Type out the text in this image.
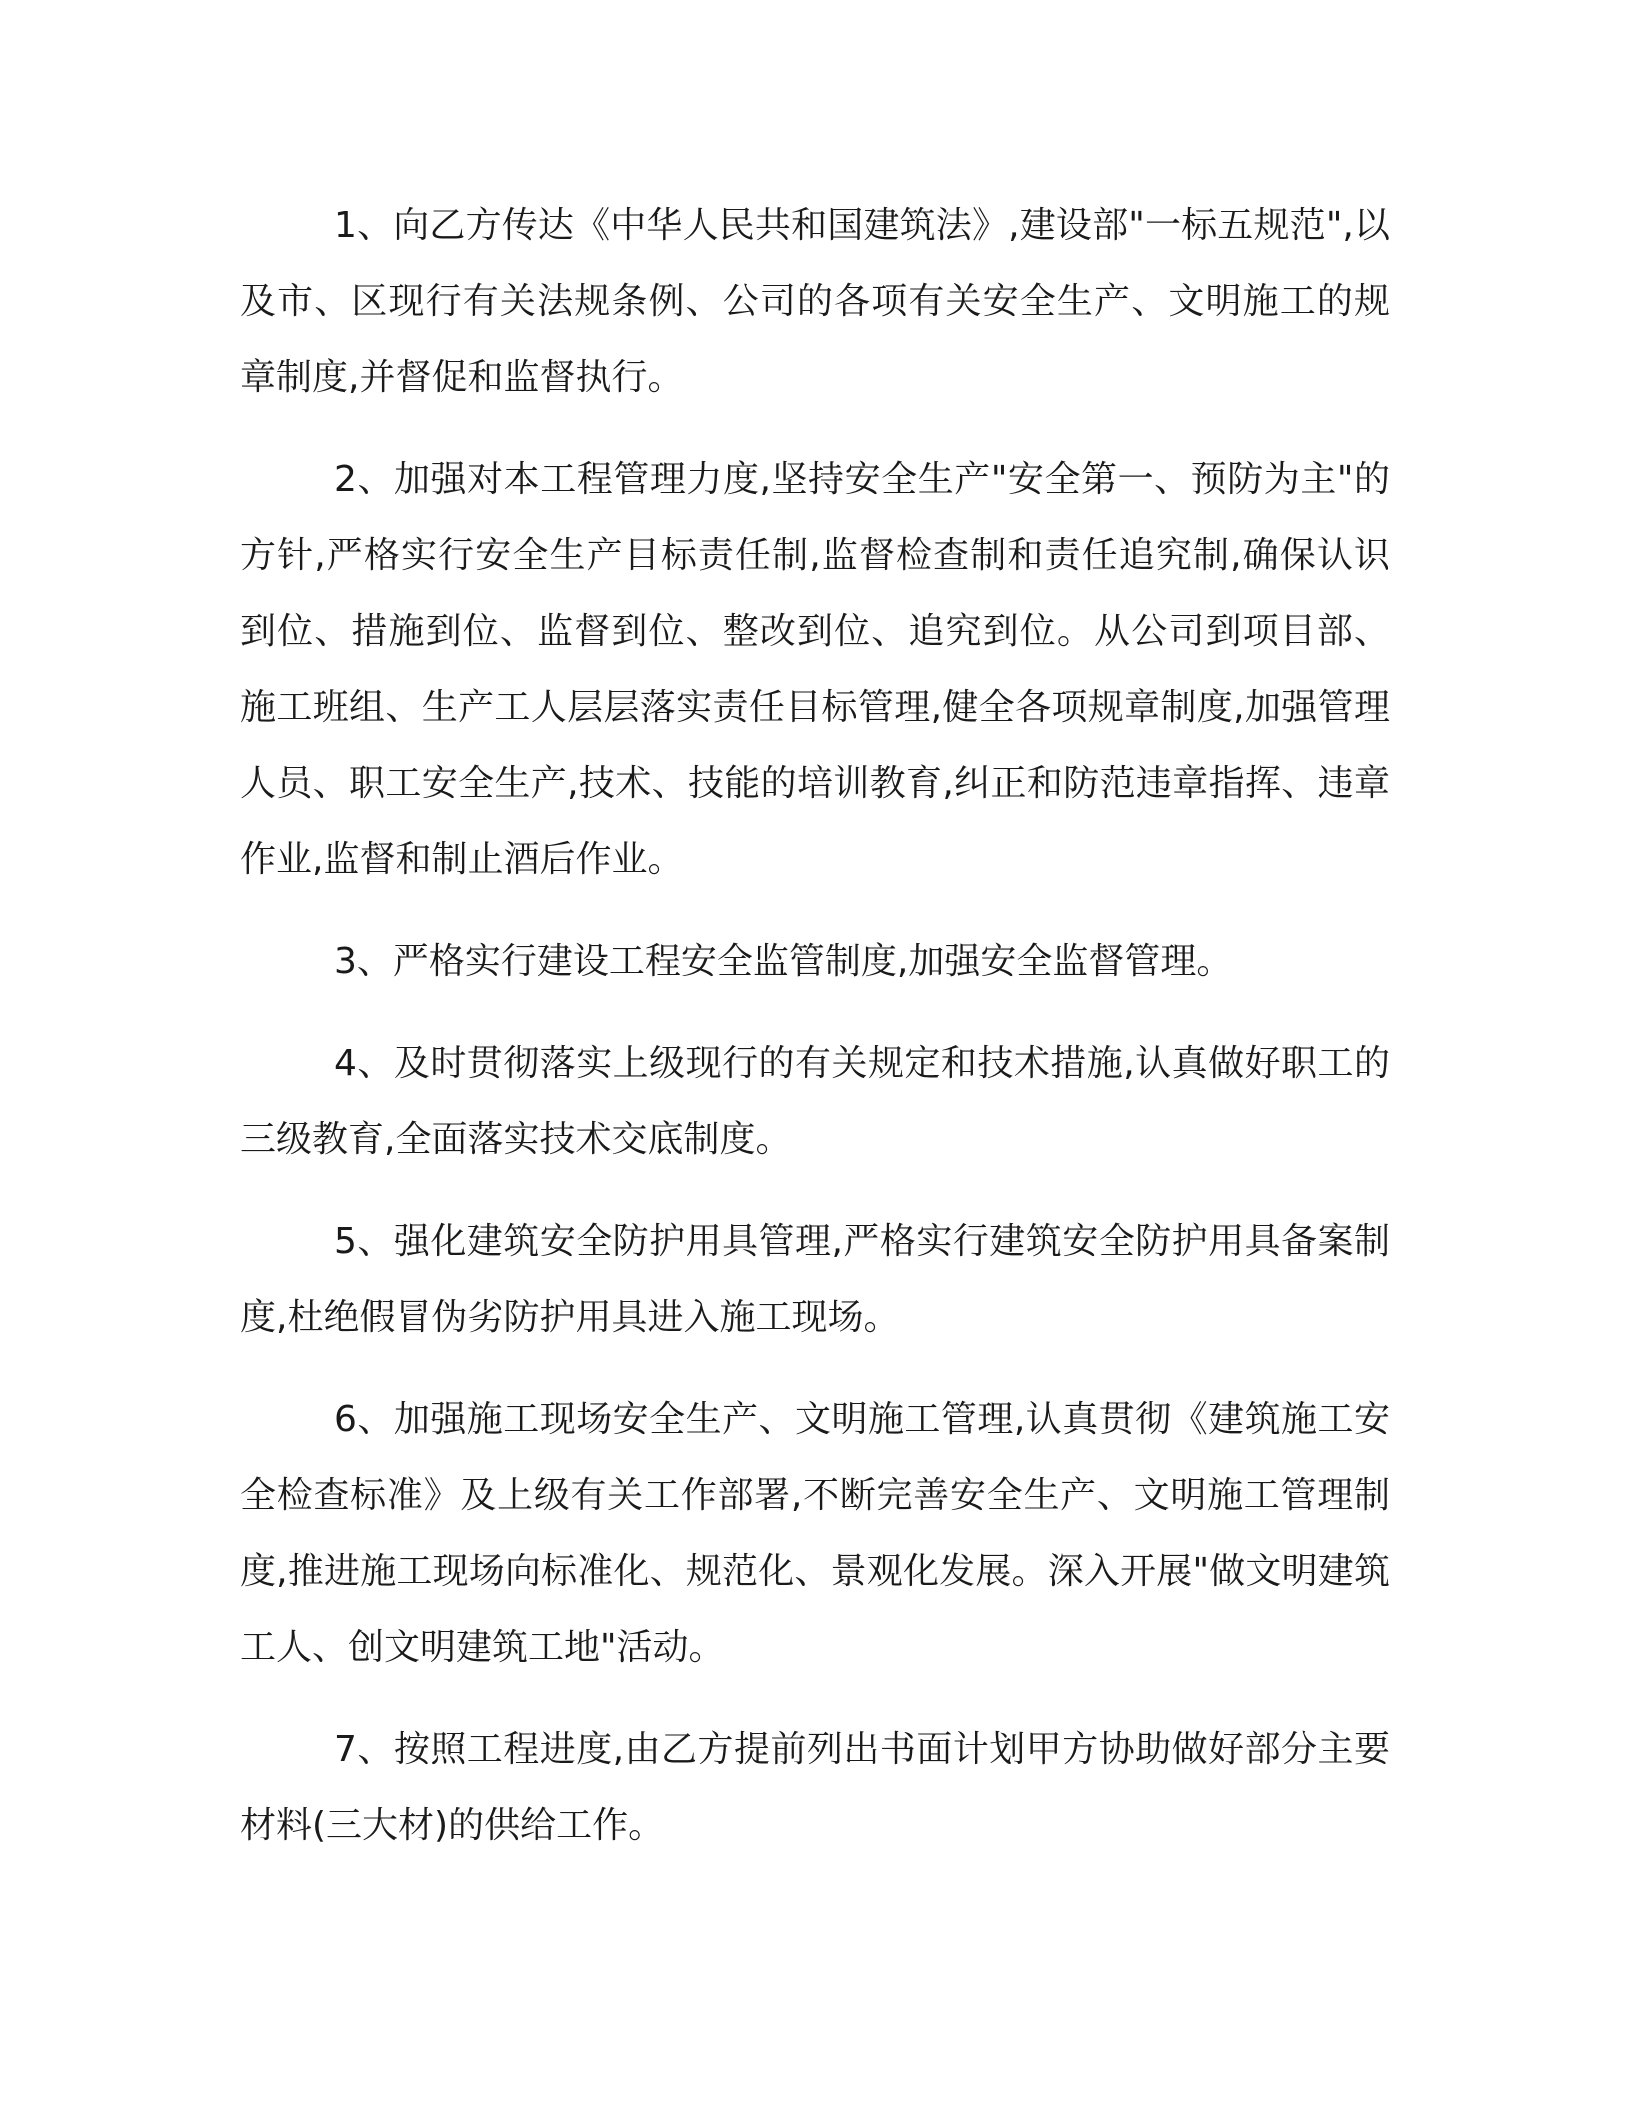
1、向乙方传达《中华人民共和国建筑法》,建设部"一标五规范",以及市、区现行有关法规条例、公司的各项有关安全生产、文明施工的规章制度,并督促和监督执行。

2、加强对本工程管理力度,坚持安全生产"安全第一、预防为主"的方针,严格实行安全生产目标责任制,监督检查制和责任追究制,确保认识到位、措施到位、监督到位、整改到位、追究到位。从公司到项目部、施工班组、生产工人层层落实责任目标管理,健全各项规章制度,加强管理人员、职工安全生产,技术、技能的培训教育,纠正和防范违章指挥、违章作业,监督和制止酒后作业。

3、严格实行建设工程安全监管制度,加强安全监督管理。

4、及时贯彻落实上级现行的有关规定和技术措施,认真做好职工的三级教育,全面落实技术交底制度。

5、强化建筑安全防护用具管理,严格实行建筑安全防护用具备案制度,杜绝假冒伪劣防护用具进入施工现场。

6、加强施工现场安全生产、文明施工管理,认真贯彻《建筑施工安全检查标准》及上级有关工作部署,不断完善安全生产、文明施工管理制度,推进施工现场向标准化、规范化、景观化发展。深入开展"做文明建筑工人、创文明建筑工地"活动。

7、按照工程进度,由乙方提前列出书面计划甲方协助做好部分主要材料(三大材)的供给工作。
